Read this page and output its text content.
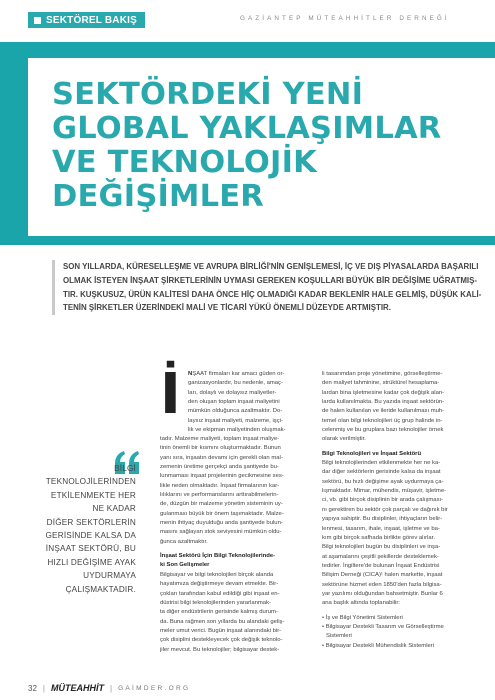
SEKTÖREL BAKIŞ	GAZİANTEP MÜTEAHHİTLER DERNEĞİ
SEKTÖRDEKİ YENİ
GLOBAL YAKLAŞIMLAR
VE TEKNOLOJİK
DEĞİŞİMLER
SON YILLARDA, KÜRESELLEŞME VE AVRUPA BİRLİĞİ'NİN GENİŞLEMESİ, İÇ VE DIŞ PİYASALARDA BAŞARILI
OLMAK İSTEYEN İNŞAAT ŞİRKETLERİNİN UYMASI GEREKEN KOŞULLARI BÜYÜK BİR DEĞİŞİME UĞRATMIŞ-
TIR. KUŞKUSUZ, ÜRÜN KALİTESİ DAHA ÖNCE HİÇ OLMADIĞI KADAR BEKLENİR HALE GELMİŞ, DÜŞÜK KALİ-
TENİN ŞİRKETLER ÜZERİNDEKİ MALİ VE TİCARİ YÜKÜ ÖNEMLİ DÜZEYDE ARTMIŞTIR.
BİLGİ
TEKNOLOJİLERİNDEN
ETKİLENMEKTE HER
NE KADAR
DİĞER SEKTÖRLERİN
GERİSİNDE KALSA DA
İNŞAAT SEKTÖRÜ, BU
HIZLI DEĞİŞİME AYAK
UYDURMAYA
ÇALIŞMAKTADIR.
İ	NŞAAT firmaları kar amacı güden or-
ganizasyonlardır, bu nedenle, amaç-
ları, dolaylı ve dolaysız maliyetler-
den oluşan toplam inşaat maliyetini
mümkün olduğunca azaltmaktır. Do-
laysız inşaat maliyeti, malzeme, işçi-
lik ve ekipman maliyetinden oluşmak-
tadır. Malzeme maliyeti, toplam inşaat maliye-
tinin önemli bir kısmını oluşturmaktadır. Bunun
yanı sıra, inşaatın devamı için gerekli olan mal-
zemenin üretime gerçekçi anda şantiyede bu-
lunmaması inşaat projelerinin gecikmesine ses-
likle neden olmaktadır. İnşaat firmalarının kar-
lılıklarını ve performanslarını arttırabilmelerin-
de, düzgün bir malzeme yönetim sisteminin uy-
gulanması büyük bir önem taşımaktadır. Malze-
menin ihtiyaç duyulduğu anda şantiyede bulun-
masını sağlayan stok seviyesini mümkün oldu-
ğunca azaltmaktır.
İnşaat Sektörü İçin Bilgi Teknolojilerinde-
ki Son Gelişmeler
Bilgisayar ve bilgi teknolojileri birçok alanda
hayatımıza değiştirmeye devam etmekte. Bir-
çokları tarafından kabul edildiği gibi inşaat en-
düstrisi bilgi teknolojilerinden yararlanmak-
ta diğer endüstrilerin gerisinde kalmış durum-
da. Buna rağmen son yıllarda bu alandaki geliş-
meler umut verici. Bugün inşaat alanındaki bir-
çok disiplini destekleyecek çok değişik teknolo-
jiler mevcut. Bu teknolojiler; bilgisayar destek-
li tasarımdan proje yönetimine, görselleştirme-
den maliyet tahminine, strüktürel hesaplama-
lardan bina işletmesine kadar çok değişik alan-
larda kullanılmakta. Bu yazıda inşaat sektörün-
de halen kullanılan ve ileride kullanılması muh-
temel olan bilgi teknolojileri üç grup halinde in-
celenmiş ve bu gruplara bazı teknolojiler örnek
olarak verilmiştir.
Bilgi Teknolojileri ve İnşaat Sektörü
Bilgi teknolojilerinden etkilenmekte her ne ka-
dar diğer sektörlerin gerisinde kalsa da inşaat
sektörü, bu hızlı değişime ayak uydurmaya ça-
lışmaktadır. Mimar, mühendis, müşavir, işletme-
ci, vb. gibi birçok disiplinin bir arada çalışması-
nı gerektiren bu sektör çok parçalı ve dağınık bir
yapıya sahiptir. Bu disiplinler, ihtiyaçların belir-
lenmesi, tasarım, ihale, inşaat, işletme ve ba-
kım gibi birçok safhada birlikte görev alırlar.
Bilgi teknolojileri bugün bu disiplinleri ve inşa-
at aşamalarını çeşitli şekillerde desteklemek-
tedirler. İngiltere'de bulunan İnşaat Endüstrisi
Bilişim Derneği (CICA)¹ halen markette, inşaat
sektörüne hizmet eden 1850'den fazla bilgisa-
yar yazılımı olduğundan bahsetmiştir. Bunlar 6
ana başlık altında toplanabilir:
• İş ve Bilgi Yönetimi Sistemleri
• Bilgisayar Destekli Tasarım ve Görselleştirme
Sistemleri
• Bilgisayar Destekli Mühendislik Sistemleri
32 | MÜTEAHHİT | GAİMDER.ORG
